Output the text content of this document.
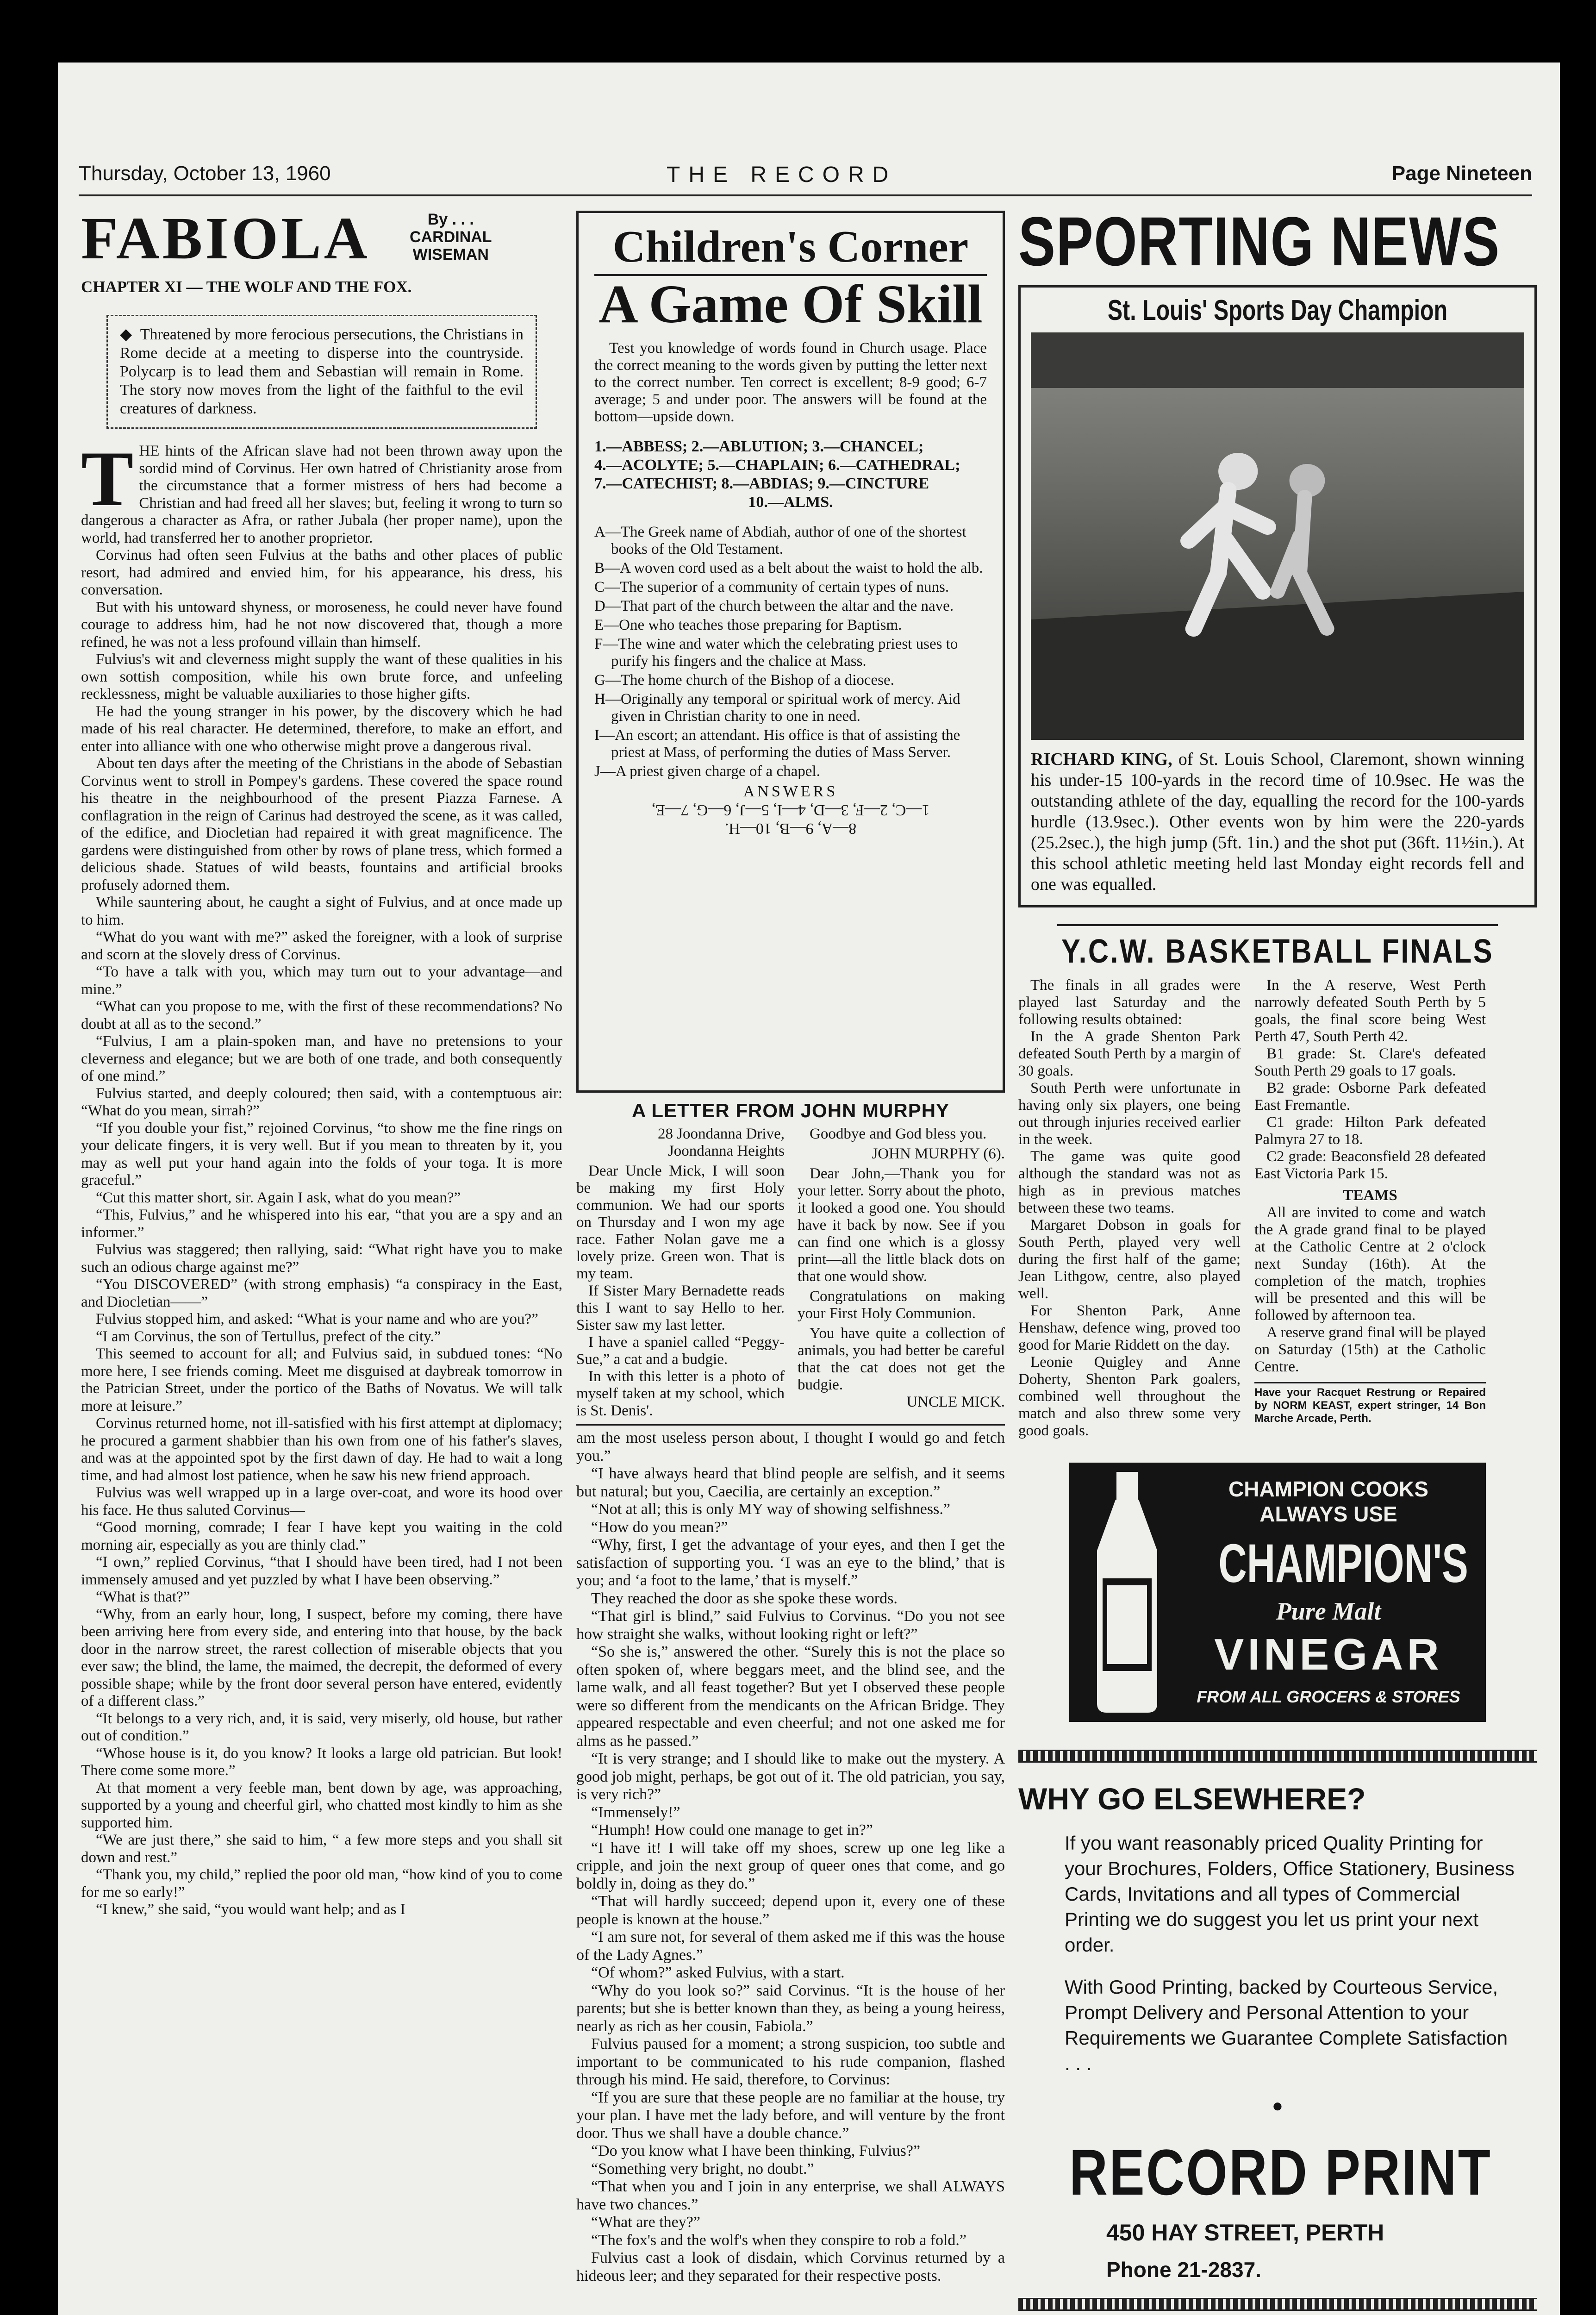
Thursday, October 13, 1960	THE RECORD	Page Nineteen
FABIOLA	By . . .
CARDINAL
WISEMAN
CHAPTER XI — THE WOLF AND THE FOX.
◆  Threatened by more ferocious persecutions, the Christians in Rome decide at a meeting to disperse into the countryside. Polycarp is to lead them and Sebastian will remain in Rome. The story now moves from the light of the faithful to the evil creatures of darkness.
T HE hints of the African slave had not been thrown away upon the sordid mind of Corvinus. Her own hatred of Christianity arose from the circumstance that a former mistress of hers had become a Christian and had freed all her slaves; but, feeling it wrong to turn so dangerous a character as Afra, or rather Jubala (her proper name), upon the world, had transferred her to another proprietor.

Corvinus had often seen Fulvius at the baths and other places of public resort, had admired and envied him, for his appearance, his dress, his conversation.

But with his untoward shyness, or moroseness, he could never have found courage to address him, had he not now discovered that, though a more refined, he was not a less profound villain than himself.

Fulvius's wit and cleverness might supply the want of these qualities in his own sottish composition, while his own brute force, and unfeeling recklessness, might be valuable auxiliaries to those higher gifts.

He had the young stranger in his power, by the discovery which he had made of his real character. He determined, therefore, to make an effort, and enter into alliance with one who otherwise might prove a dangerous rival.

About ten days after the meeting of the Christians in the abode of Sebastian Corvinus went to stroll in Pompey's gardens. These covered the space round his theatre in the neighbourhood of the present Piazza Farnese. A conflagration in the reign of Carinus had destroyed the scene, as it was called, of the edifice, and Diocletian had repaired it with great magnificence. The gardens were distinguished from other by rows of plane tress, which formed a delicious shade. Statues of wild beasts, fountains and artificial brooks profusely adorned them.

While sauntering about, he caught a sight of Fulvius, and at once made up to him.

“What do you want with me?” asked the foreigner, with a look of surprise and scorn at the slovely dress of Corvinus.

“To have a talk with you, which may turn out to your advantage—and mine.”

“What can you propose to me, with the first of these recommendations? No doubt at all as to the second.”

“Fulvius, I am a plain-spoken man, and have no pretensions to your cleverness and elegance; but we are both of one trade, and both consequently of one mind.”

Fulvius started, and deeply coloured; then said, with a contemptuous air: “What do you mean, sirrah?”

“If you double your fist,” rejoined Corvinus, “to show me the fine rings on your delicate fingers, it is very well. But if you mean to threaten by it, you may as well put your hand again into the folds of your toga. It is more graceful.”

“Cut this matter short, sir. Again I ask, what do you mean?”

“This, Fulvius,” and he whispered into his ear, “that you are a spy and an informer.”

Fulvius was staggered; then rallying, said: “What right have you to make such an odious charge against me?”

“You DISCOVERED” (with strong emphasis) “a conspiracy in the East, and Diocletian——”

Fulvius stopped him, and asked: “What is your name and who are you?”

“I am Corvinus, the son of Tertullus, prefect of the city.”

This seemed to account for all; and Fulvius said, in subdued tones: “No more here, I see friends coming. Meet me disguised at daybreak tomorrow in the Patrician Street, under the portico of the Baths of Novatus. We will talk more at leisure.”

Corvinus returned home, not ill-satisfied with his first attempt at diplomacy; he procured a garment shabbier than his own from one of his father's slaves, and was at the appointed spot by the first dawn of day. He had to wait a long time, and had almost lost patience, when he saw his new friend approach.

Fulvius was well wrapped up in a large over-coat, and wore its hood over his face. He thus saluted Corvinus—

“Good morning, comrade; I fear I have kept you waiting in the cold morning air, especially as you are thinly clad.”

“I own,” replied Corvinus, “that I should have been tired, had I not been immensely amused and yet puzzled by what I have been observing.”

“What is that?”

“Why, from an early hour, long, I suspect, before my coming, there have been arriving here from every side, and entering into that house, by the back door in the narrow street, the rarest collection of miserable objects that you ever saw; the blind, the lame, the maimed, the decrepit, the deformed of every possible shape; while by the front door several person have entered, evidently of a different class.”

“It belongs to a very rich, and, it is said, very miserly, old house, but rather out of condition.”

“Whose house is it, do you know? It looks a large old patrician. But look! There come some more.”

At that moment a very feeble man, bent down by age, was approaching, supported by a young and cheerful girl, who chatted most kindly to him as she supported him.

“We are just there,” she said to him, “ a few more steps and you shall sit down and rest.”

“Thank you, my child,” replied the poor old man, “how kind of you to come for me so early!”

“I knew,” she said, “you would want help; and as I

Children's Corner
A Game Of Skill

Test you knowledge of words found in Church usage. Place the correct meaning to the words given by putting the letter next to the correct number. Ten correct is excellent; 8-9 good; 6-7 average; 5 and under poor. The answers will be found at the bottom—upside down.

1.—ABBESS; 2.—ABLUTION; 3.—CHANCEL;
4.—ACOLYTE; 5.—CHAPLAIN; 6.—CATHEDRAL;
7.—CATECHIST; 8.—ABDIAS; 9.—CINCTURE
10.—ALMS.

A—The Greek name of Abdiah, author of one of the shortest books of the Old Testament.

B—A woven cord used as a belt about the waist to hold the alb.

C—The superior of a community of certain types of nuns.

D—That part of the church between the altar and the nave.

E—One who teaches those preparing for Baptism.

F—The wine and water which the celebrating priest uses to purify his fingers and the chalice at Mass.

G—The home church of the Bishop of a diocese.

H—Originally any temporal or spiritual work of mercy. Aid given in Christian charity to one in need.

I—An escort; an attendant. His office is that of assisting the priest at Mass, of performing the duties of Mass Server.

J—A priest given charge of a chapel.

ANSWERS
8—A, 9—B, 10—H.
1—C, 2—F, 3—D, 4—I, 5—J, 6—G, 7—E,
A LETTER FROM JOHN MURPHY
28 Joondanna Drive,
Joondanna Heights

Dear Uncle Mick, I will soon be making my first Holy communion. We had our sports on Thursday and I won my age race. Father Nolan gave me a lovely prize. Green won. That is my team.

If Sister Mary Bernadette reads this I want to say Hello to her. Sister saw my last letter.

I have a spaniel called “Peggy-Sue,” a cat and a budgie.

In with this letter is a photo of myself taken at my school, which is St. Denis'.

Goodbye and God bless you.

JOHN MURPHY (6).

Dear John,—Thank you for your letter. Sorry about the photo, it looked a good one. You should have it back by now. See if you can find one which is a glossy print—all the little black dots on that one would show.

Congratulations on making your First Holy Communion.

You have quite a collection of animals, you had better be careful that the cat does not get the budgie.

UNCLE MICK.

am the most useless person about, I thought I would go and fetch you.”

“I have always heard that blind people are selfish, and it seems but natural; but you, Caecilia, are certainly an exception.”

“Not at all; this is only MY way of showing selfishness.”

“How do you mean?”

“Why, first, I get the advantage of your eyes, and then I get the satisfaction of supporting you. ‘I was an eye to the blind,’ that is you; and ‘a foot to the lame,’ that is myself.”

They reached the door as she spoke these words.

“That girl is blind,” said Fulvius to Corvinus. “Do you not see how straight she walks, without looking right or left?”

“So she is,” answered the other. “Surely this is not the place so often spoken of, where beggars meet, and the blind see, and the lame walk, and all feast together? But yet I observed these people were so different from the mendicants on the African Bridge. They appeared respectable and even cheerful; and not one asked me for alms as he passed.”

“It is very strange; and I should like to make out the mystery. A good job might, perhaps, be got out of it. The old patrician, you say, is very rich?”

“Immensely!”

“Humph! How could one manage to get in?”

“I have it! I will take off my shoes, screw up one leg like a cripple, and join the next group of queer ones that come, and go boldly in, doing as they do.”

“That will hardly succeed; depend upon it, every one of these people is known at the house.”

“I am sure not, for several of them asked me if this was the house of the Lady Agnes.”

“Of whom?” asked Fulvius, with a start.

“Why do you look so?” said Corvinus. “It is the house of her parents; but she is better known than they, as being a young heiress, nearly as rich as her cousin, Fabiola.”

Fulvius paused for a moment; a strong suspicion, too subtle and important to be communicated to his rude companion, flashed through his mind. He said, therefore, to Corvinus:

“If you are sure that these people are no familiar at the house, try your plan. I have met the lady before, and will venture by the front door. Thus we shall have a double chance.”

“Do you know what I have been thinking, Fulvius?”

“Something very bright, no doubt.”

“That when you and I join in any enterprise, we shall ALWAYS have two chances.”

“What are they?”

“The fox's and the wolf's when they conspire to rob a fold.”

Fulvius cast a look of disdain, which Corvinus returned by a hideous leer; and they separated for their respective posts.

SPORTING NEWS
St. Louis' Sports Day Champion

RICHARD KING, of St. Louis School, Claremont, shown winning his under-15 100-yards in the record time of 10.9sec. He was the outstanding athlete of the day, equalling the record for the 100-yards hurdle (13.9sec.). Other events won by him were the 220-yards (25.2sec.), the high jump (5ft. 1in.) and the shot put (36ft. 11½in.). At this school athletic meeting held last Monday eight records fell and one was equalled.

Y.C.W. BASKETBALL FINALS

The finals in all grades were played last Saturday and the following results obtained:

In the A grade Shenton Park defeated South Perth by a margin of 30 goals.

South Perth were unfortunate in having only six players, one being out through injuries received earlier in the week.

The game was quite good although the standard was not as high as in previous matches between these two teams.

Margaret Dobson in goals for South Perth, played very well during the first half of the game; Jean Lithgow, centre, also played well.

For Shenton Park, Anne Henshaw, defence wing, proved too good for Marie Riddett on the day.

Leonie Quigley and Anne Doherty, Shenton Park goalers, combined well throughout the match and also threw some very good goals.

In the A reserve, West Perth narrowly defeated South Perth by 5 goals, the final score being West Perth 47, South Perth 42.

B1 grade: St. Clare's defeated South Perth 29 goals to 17 goals.

B2 grade: Osborne Park defeated East Fremantle.

C1 grade: Hilton Park defeated Palmyra 27 to 18.

C2 grade: Beaconsfield 28 defeated East Victoria Park 15.

TEAMS

All are invited to come and watch the A grade grand final to be played at the Catholic Centre at 2 o'clock next Sunday (16th). At the completion of the match, trophies will be presented and this will be followed by afternoon tea.

A reserve grand final will be played on Saturday (15th) at the Catholic Centre.

Have your Racquet Restrung or Repaired by NORM KEAST, expert stringer, 14 Bon Marche Arcade, Perth.
CHAMPION COOKS
ALWAYS USE
CHAMPION'S
Pure Malt
VINEGAR
FROM ALL GROCERS & STORES
WHY GO ELSEWHERE?

If you want reasonably priced Quality Printing for your Brochures, Folders, Office Stationery, Business Cards, Invitations and all types of Commercial Printing we do suggest you let us print your next order.

With Good Printing, backed by Courteous Service, Prompt Delivery and Personal Attention to your Requirements we Guarantee Complete Satisfaction . . .

●
RECORD PRINT
450 HAY STREET, PERTH
Phone 21-2837.
